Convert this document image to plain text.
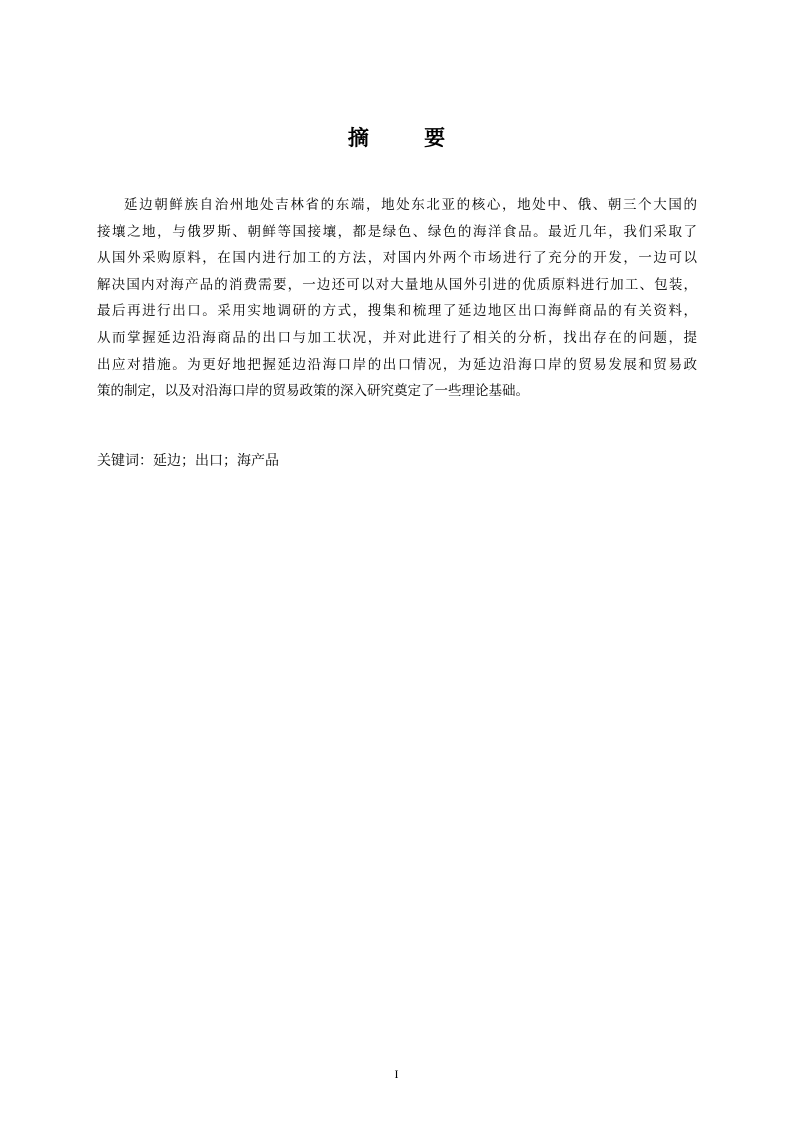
摘 要
延边朝鲜族自治州地处吉林省的东端，地处东北亚的核心，地处中、俄、朝三个大国的
接壤之地，与俄罗斯、朝鲜等国接壤，都是绿色、绿色的海洋食品。最近几年，我们采取了
从国外采购原料，在国内进行加工的方法，对国内外两个市场进行了充分的开发，一边可以
解决国内对海产品的消费需要，一边还可以对大量地从国外引进的优质原料进行加工、包装，
最后再进行出口。采用实地调研的方式，搜集和梳理了延边地区出口海鲜商品的有关资料，
从而掌握延边沿海商品的出口与加工状况，并对此进行了相关的分析，找出存在的问题，提
出应对措施。为更好地把握延边沿海口岸的出口情况，为延边沿海口岸的贸易发展和贸易政
策的制定，以及对沿海口岸的贸易政策的深入研究奠定了一些理论基础。

关键词：延边；出口；海产品

I
